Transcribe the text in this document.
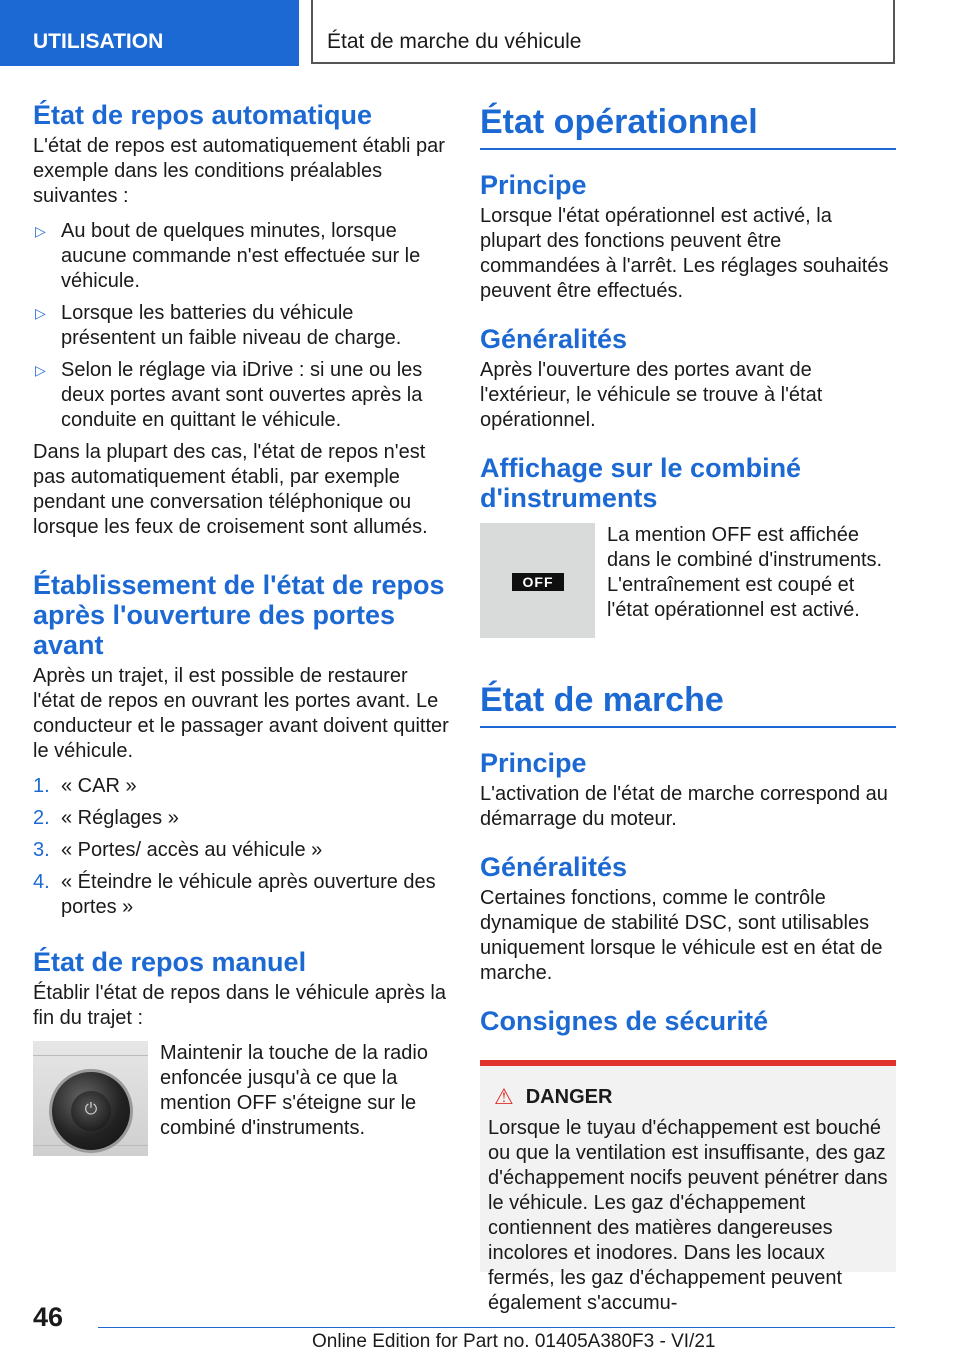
UTILISATION	État de marche du véhicule
État de repos automatique

L'état de repos est automatiquement établi par exemple dans les conditions préalables suivantes :

▷ Au bout de quelques minutes, lorsque aucune commande n'est effectuée sur le véhicule.
▷ Lorsque les batteries du véhicule présentent un faible niveau de charge.
▷ Selon le réglage via iDrive : si une ou les deux portes avant sont ouvertes après la conduite en quittant le véhicule.

Dans la plupart des cas, l'état de repos n'est pas automatiquement établi, par exemple pendant une conversation téléphonique ou lorsque les feux de croisement sont allumés.

Établissement de l'état de repos après l'ouverture des portes avant

Après un trajet, il est possible de restaurer l'état de repos en ouvrant les portes avant. Le conducteur et le passager avant doivent quitter le véhicule.

1. « CAR »
2. « Réglages »
3. « Portes/ accès au véhicule »
4. « Éteindre le véhicule après ouverture des portes »
État de repos manuel

Établir l'état de repos dans le véhicule après la fin du trajet :

⏻

Maintenir la touche de la radio enfoncée jusqu'à ce que la mention OFF s'éteigne sur le combiné d'instruments.

État opérationnel
Principe

Lorsque l'état opérationnel est activé, la plupart des fonctions peuvent être commandées à l'arrêt. Les réglages souhaités peuvent être effectués.

Généralités

Après l'ouverture des portes avant de l'extérieur, le véhicule se trouve à l'état opérationnel.

Affichage sur le combiné d'instruments
OFF

La mention OFF est affichée dans le combiné d'instruments. L'entraînement est coupé et l'état opérationnel est activé.

État de marche
Principe

L'activation de l'état de marche correspond au démarrage du moteur.

Généralités

Certaines fonctions, comme le contrôle dynamique de stabilité DSC, sont utilisables uniquement lorsque le véhicule est en état de marche.

Consignes de sécurité
⚠ DANGER

Lorsque le tuyau d'échappement est bouché ou que la ventilation est insuffisante, des gaz d'échappement nocifs peuvent pénétrer dans le véhicule. Les gaz d'échappement contiennent des matières dangereuses incolores et inodores. Dans les locaux fermés, les gaz d'échappement peuvent également s'accumu-

46
Online Edition for Part no. 01405A380F3 - VI/21
